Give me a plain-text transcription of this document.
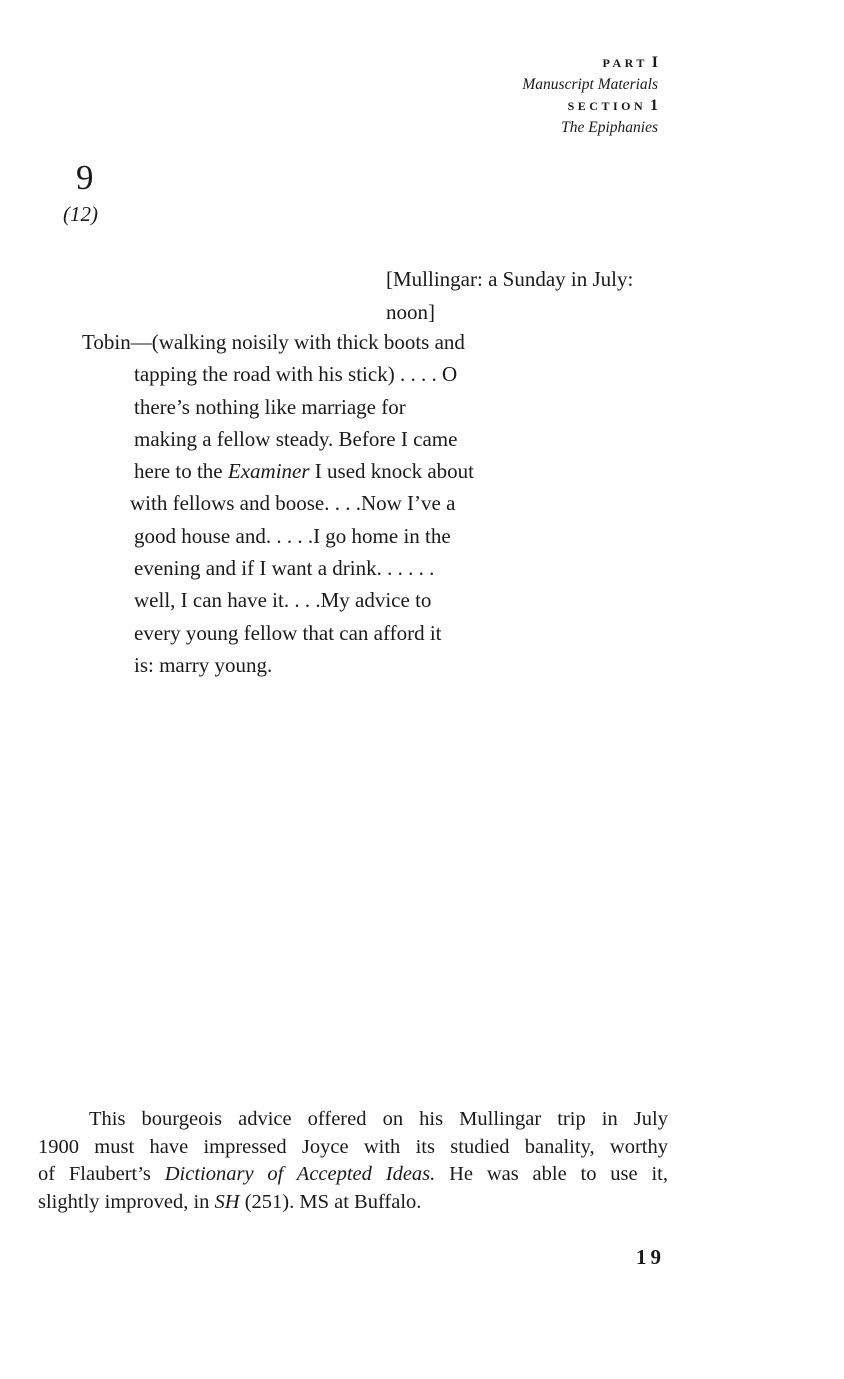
PART I
Manuscript Materials
SECTION 1
The Epiphanies
9
(12)
[Mullingar: a Sunday in July:
noon]
Tobin—(walking noisily with thick boots and
tapping the road with his stick) . . . . O
there’s nothing like marriage for
making a fellow steady. Before I came
here to the Examiner I used knock about
with fellows and boose. . . .Now I’ve a
good house and. . . . .I go home in the
evening and if I want a drink. . . . . .
well, I can have it. . . .My advice to
every young fellow that can afford it
is: marry young.
This bourgeois advice offered on his Mullingar trip in July
1900 must have impressed Joyce with its studied banality, worthy
of Flaubert’s Dictionary of Accepted Ideas. He was able to use it,
slightly improved, in SH (251). MS at Buffalo.
19
